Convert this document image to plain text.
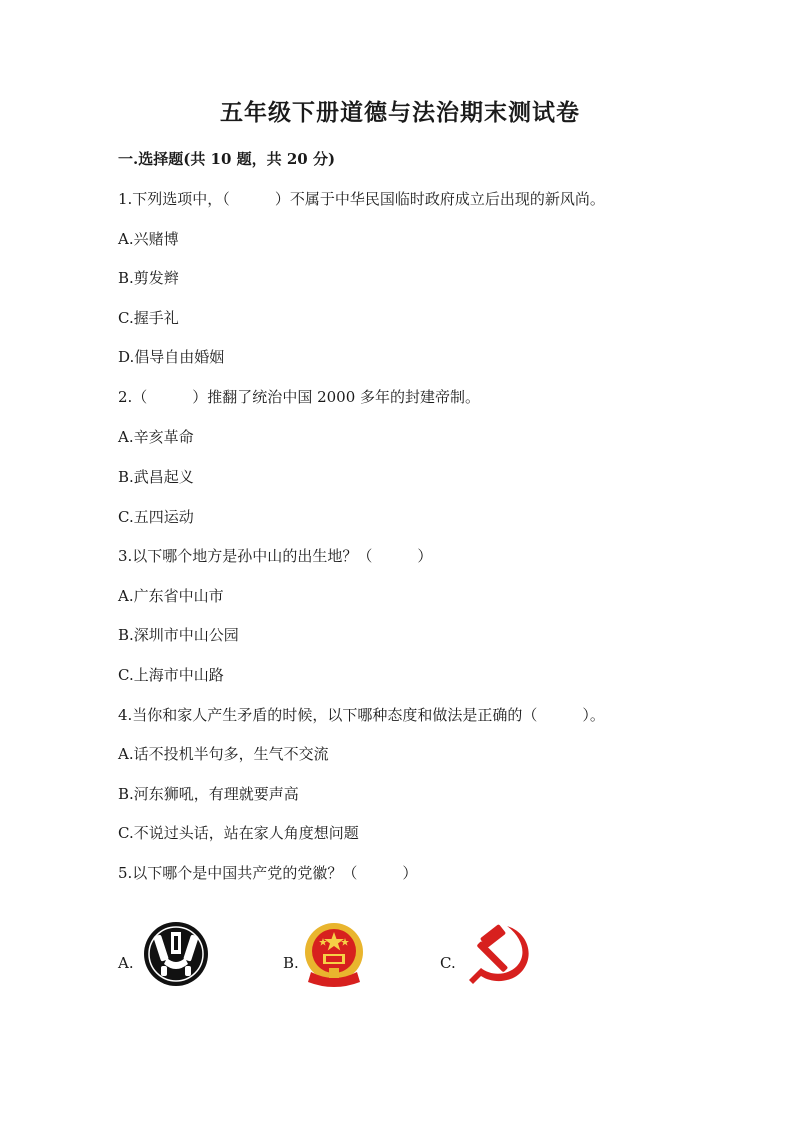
五年级下册道德与法治期末测试卷
一.选择题(共 10 题，共 20 分)
1.下列选项中，（　　　）不属于中华民国临时政府成立后出现的新风尚。
A.兴赌博
B.剪发辫
C.握手礼
D.倡导自由婚姻
2.（　　　）推翻了统治中国 2000 多年的封建帝制。
A.辛亥革命
B.武昌起义
C.五四运动
3.以下哪个地方是孙中山的出生地？（　　　）
A.广东省中山市
B.深圳市中山公园
C.上海市中山路
4.当你和家人产生矛盾的时候，以下哪种态度和做法是正确的（　　　）。
A.话不投机半句多，生气不交流
B.河东狮吼，有理就要声高
C.不说过头话，站在家人角度想问题
5.以下哪个是中国共产党的党徽？（　　　）
A.	B.	C.
